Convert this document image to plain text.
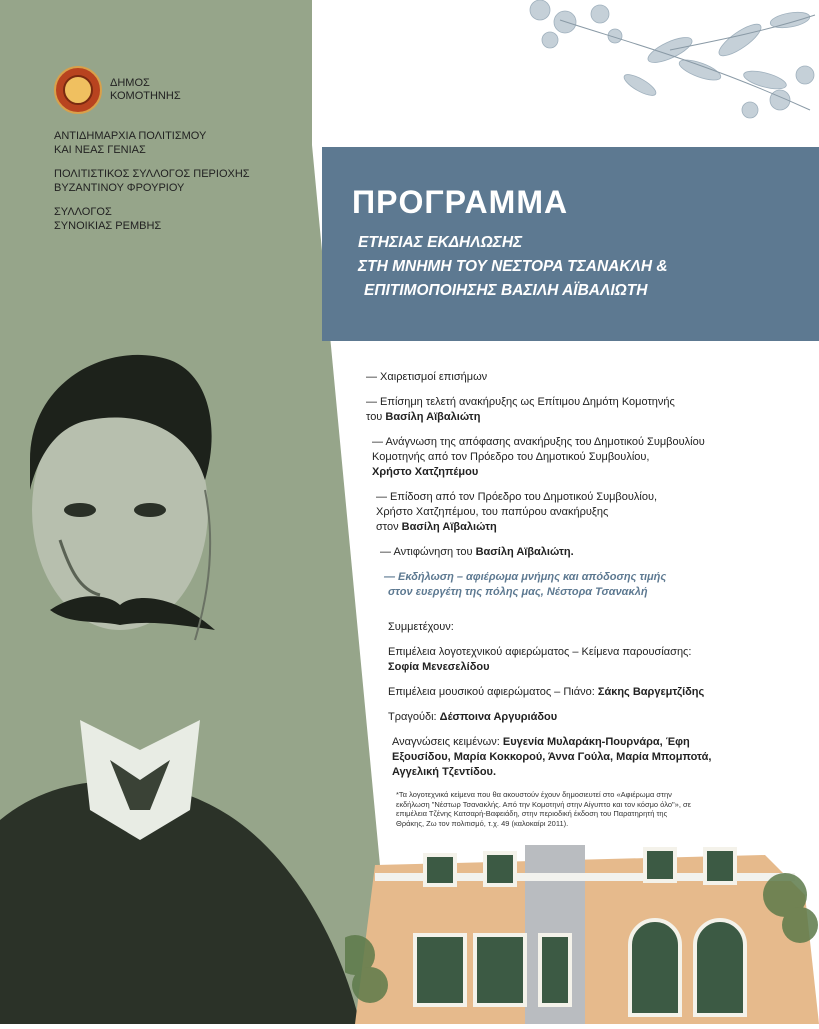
ΔΗΜΟΣ
ΚΟΜΟΤΗΝΗΣ
ΑΝΤΙΔΗΜΑΡΧΙΑ ΠΟΛΙΤΙΣΜΟΥ
ΚΑΙ ΝΕΑΣ ΓΕΝΙΑΣ
ΠΟΛΙΤΙΣΤΙΚΟΣ ΣΥΛΛΟΓΟΣ ΠΕΡΙΟΧΗΣ
ΒΥΖΑΝΤΙΝΟΥ ΦΡΟΥΡΙΟΥ
ΣΥΛΛΟΓΟΣ
ΣΥΝΟΙΚΙΑΣ ΡΕΜΒΗΣ
ΠΡΟΓΡΑΜΜΑ
ΕΤΗΣΙΑΣ ΕΚΔΗΛΩΣΗΣ
ΣΤΗ ΜΝΗΜΗ ΤΟΥ ΝΕΣΤΟΡΑ ΤΣΑΝΑΚΛΗ &
ΕΠΙΤΙΜΟΠΟΙΗΣΗΣ ΒΑΣΙΛΗ ΑΪΒΑΛΙΩΤΗ
— Χαιρετισμοί επισήμων
— Επίσημη τελετή ανακήρυξης ως Επίτιμου Δημότη Κομοτηνής
του Βασίλη Αϊβαλιώτη
— Ανάγνωση της απόφασης ανακήρυξης του Δημοτικού Συμβουλίου
Κομοτηνής από τον Πρόεδρο του Δημοτικού Συμβουλίου,
Χρήστο Χατζηπέμου
— Επίδοση από τον Πρόεδρο του Δημοτικού Συμβουλίου,
Χρήστο Χατζηπέμου, του παπύρου ανακήρυξης
στον Βασίλη Αϊβαλιώτη
— Αντιφώνηση του Βασίλη Αϊβαλιώτη.
— Εκδήλωση – αφιέρωμα μνήμης και απόδοσης τιμής
στον ευεργέτη της πόλης μας, Νέστορα Τσανακλή
Συμμετέχουν:
Επιμέλεια λογοτεχνικού αφιερώματος – Κείμενα παρουσίασης:
Σοφία Μενεσελίδου
Επιμέλεια μουσικού αφιερώματος – Πιάνο: Σάκης Βαργεμτζίδης
Τραγούδι: Δέσποινα Αργυριάδου
Αναγνώσεις κειμένων: Ευγενία Μυλαράκη-Πουρνάρα, Έφη Εξουσίδου, Μαρία Κοκκορού, Άννα Γούλα, Μαρία Μπομποτά, Αγγελική Τζεντίδου.
*Τα λογοτεχνικά κείμενα που θα ακουστούν έχουν δημοσιευτεί στο «Αφιέρωμα στην εκδήλωση "Νέστωρ Τσανακλής. Από την Κομοτηνή στην Αίγυπτο και τον κόσμο όλο"», σε επιμέλεια Τζένης Κατσαρή-Βαφειάδη, στην περιοδική έκδοση του Παρατηρητή της Θράκης, Ζω τον πολιτισμό, τ.χ. 49 (καλοκαίρι 2011).
